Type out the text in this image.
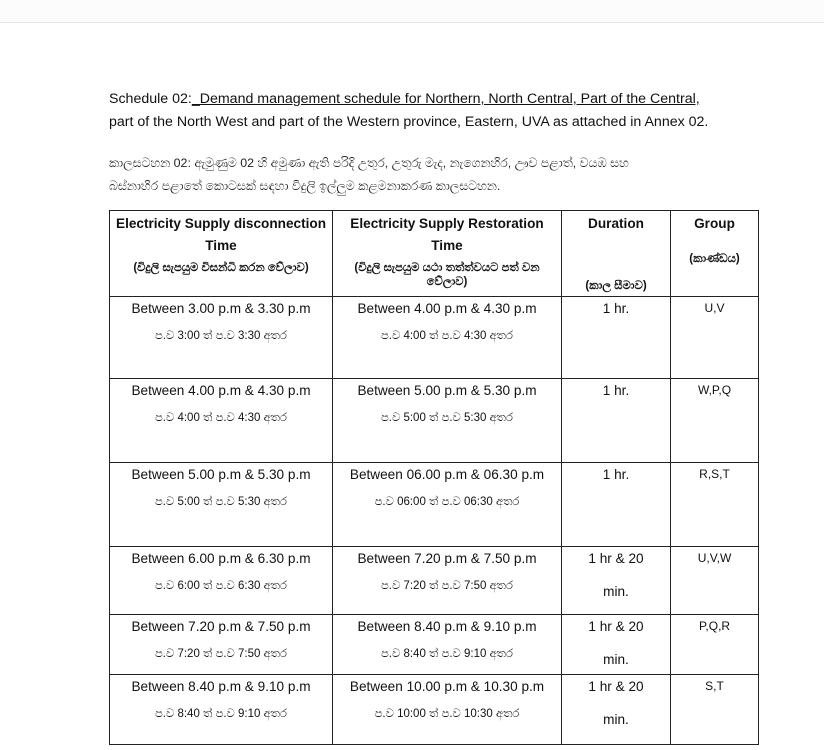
Schedule 02:_Demand management schedule for Northern, North Central, Part of the Central,
part of the North West and part of the Western province, Eastern, UVA as attached in Annex 02.
කාලසටහන 02: ඇමුණුම 02 හි අමුණා ඇති පරිදි උතුර, උතුරු මැද, නැගෙනහිර, ඌව පළාත්, වයඹ සහ
බස්නාහිර පළාතේ කොටසක් සඳහා විදුලි ඉල්ලුම කළමනාකරණ කාලසටහන.
Electricity Supply disconnection Time
(විදුලි සැපයුම විසන්ධි කරන වේලාව)	Electricity Supply Restoration Time
(විදුලි සැපයුම යථා තත්ත්වයට පත් වන වේලාව)	Duration
(කාල සීමාව)	Group
(කාණ්ඩය)

Between 3.00 p.m & 3.30 p.m
ප.ව 3:00 ත් ප.ව 3:30 අතර	Between 4.00 p.m & 4.30 p.m
ප.ව 4:00 ත් ප.ව 4:30 අතර	1 hr.	U,V

Between 4.00 p.m & 4.30 p.m
ප.ව 4:00 ත් ප.ව 4:30 අතර	Between 5.00 p.m & 5.30 p.m
ප.ව 5:00 ත් ප.ව 5:30 අතර	1 hr.	W,P,Q

Between 5.00 p.m & 5.30 p.m
ප.ව 5:00 ත් ප.ව 5:30 අතර	Between 06.00 p.m & 06.30 p.m
ප.ව 06:00 ත් ප.ව 06:30 අතර	1 hr.	R,S,T

Between 6.00 p.m & 6.30 p.m
ප.ව 6:00 ත් ප.ව 6:30 අතර	Between 7.20 p.m & 7.50 p.m
ප.ව 7:20 ත් ප.ව 7:50 අතර	1 hr & 20
min.	U,V,W

Between 7.20 p.m & 7.50 p.m
ප.ව 7:20 ත් ප.ව 7:50 අතර	Between 8.40 p.m & 9.10 p.m
ප.ව 8:40 ත් ප.ව 9:10 අතර	1 hr & 20
min.	P,Q,R

Between 8.40 p.m & 9.10 p.m
ප.ව 8:40 ත් ප.ව 9:10 අතර	Between 10.00 p.m & 10.30 p.m
ප.ව 10:00 ත් ප.ව 10:30 අතර	1 hr & 20
min.	S,T
